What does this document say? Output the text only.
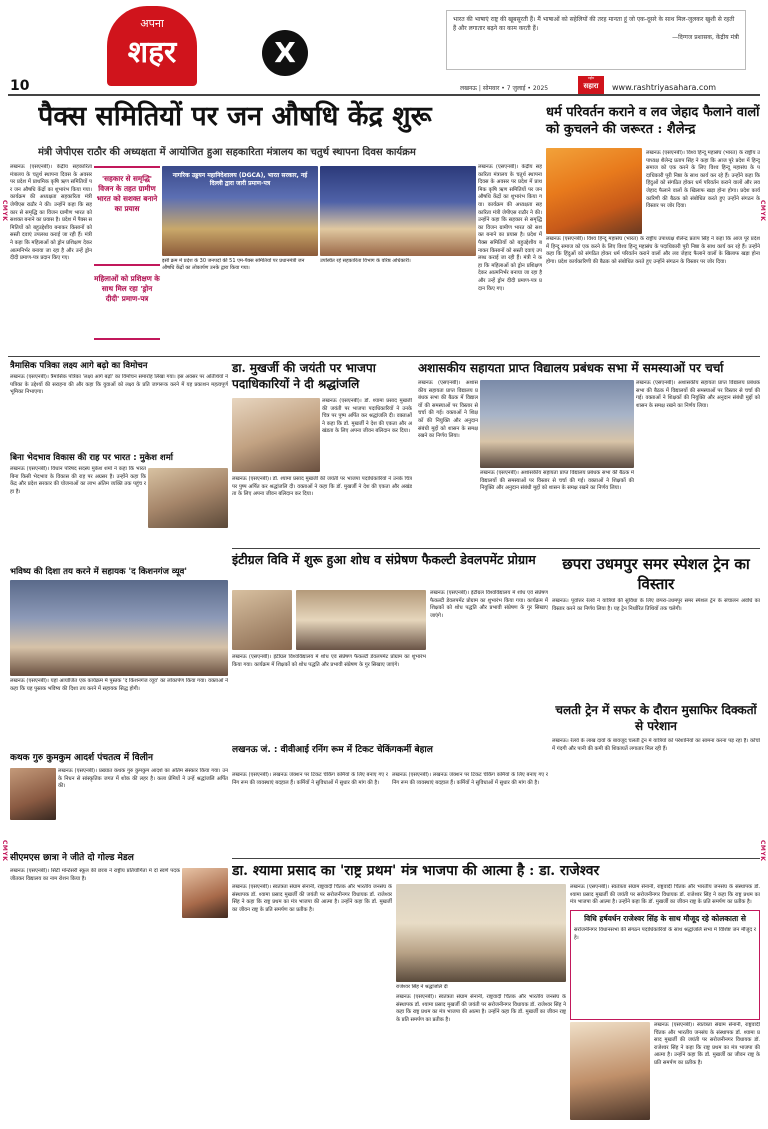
अपना
शहर	X
10
भारत की भाषाएं राष्ट्र की खूबसूरती हैं। मैं भाषाओं को सहेलियों की तरह मानता हूं जो एक-दूसरे के साथ मिल-जुलकर खुशी से रहती हैं और लगातार बढ़ने का काम करती हैं।
—दिग्गज प्रशासक, केंद्रीय मंत्री
लखनऊ | सोमवार • 7 जुलाई • 2025
राष्ट्रीय
सहारा	www.rashtriyasahara.com
पैक्स समितियों पर जन औषधि केंद्र शुरू
मंत्री जेपीएस राठौर की अध्यक्षता में आयोजित हुआ सहकारिता मंत्रालय का चतुर्थ स्थापना दिवस कार्यक्रम
लखनऊ (एसएनबी)। केंद्रीय सहकारिता मंत्रालय के चतुर्थ स्थापना दिवस के अवसर पर प्रदेश में प्राथमिक कृषि ऋण समितियों पर जन औषधि केंद्रों का शुभारंभ किया गया। कार्यक्रम की अध्यक्षता सहकारिता मंत्री जेपीएस राठौर ने की। उन्होंने कहा कि सहकार से समृद्धि का विजन ग्रामीण भारत को सशक्त बनाने का प्रयास है। प्रदेश में पैक्स समितियों को बहुउद्देशीय बनाकर किसानों को सस्ती दवाएं उपलब्ध कराई जा रही हैं। मंत्री ने कहा कि महिलाओं को ड्रोन प्रशिक्षण देकर आत्मनिर्भर बनाया जा रहा है और उन्हें ड्रोन दीदी प्रमाण-पत्र प्रदान किए गए।
'सहकार से समृद्धि' विजन के तहत ग्रामीण भारत को सशक्त बनाने का प्रयास
महिलाओं को प्रशिक्षण के साथ मिल रहा 'ड्रोन दीदी' प्रमाण-पत्र
नागरिक उड्डयन महानिदेशालय (DGCA), भारत सरकार, नई दिल्ली द्वारा जारी प्रमाण-पत्र
इसी क्रम में प्रदेश के 30 जनपदों की 51 एम-पैक्स समितियों पर प्रधानमंत्री जन औषधि केंद्रों का लोकार्पण उनके द्वारा किया गया।
उपस्थित रहे सहकारिता विभाग के वरिष्ठ अधिकारी।
लखनऊ (एसएनबी)। केंद्रीय सहकारिता मंत्रालय के चतुर्थ स्थापना दिवस के अवसर पर प्रदेश में प्राथमिक कृषि ऋण समितियों पर जन औषधि केंद्रों का शुभारंभ किया गया। कार्यक्रम की अध्यक्षता सहकारिता मंत्री जेपीएस राठौर ने की। उन्होंने कहा कि सहकार से समृद्धि का विजन ग्रामीण भारत को सशक्त बनाने का प्रयास है। प्रदेश में पैक्स समितियों को बहुउद्देशीय बनाकर किसानों को सस्ती दवाएं उपलब्ध कराई जा रही हैं। मंत्री ने कहा कि महिलाओं को ड्रोन प्रशिक्षण देकर आत्मनिर्भर बनाया जा रहा है और उन्हें ड्रोन दीदी प्रमाण-पत्र प्रदान किए गए।
धर्म परिवर्तन कराने व लव जेहाद फैलाने वालों को कुचलने की जरूरत : शैलेन्द्र
लखनऊ (एसएनबी)। विश्व हिन्दू महासंघ (भारत) के राष्ट्रीय उपाध्यक्ष शैलेन्द्र प्रताप सिंह ने कहा कि आज पूरे प्रदेश में हिन्दू समाज को एक करने के लिए विश्व हिन्दू महासंघ के पदाधिकारी पूरी निष्ठा के साथ कार्य कर रहे हैं। उन्होंने कहा कि हिंदुओं को संगठित होकर धर्म परिवर्तन कराने वालों और लव जेहाद फैलाने वालों के खिलाफ खड़ा होना होगा। प्रदेश कार्यकारिणी की बैठक को संबोधित करते हुए उन्होंने संगठन के विस्तार पर जोर दिया।
लखनऊ (एसएनबी)। विश्व हिन्दू महासंघ (भारत) के राष्ट्रीय उपाध्यक्ष शैलेन्द्र प्रताप सिंह ने कहा कि आज पूरे प्रदेश में हिन्दू समाज को एक करने के लिए विश्व हिन्दू महासंघ के पदाधिकारी पूरी निष्ठा के साथ कार्य कर रहे हैं। उन्होंने कहा कि हिंदुओं को संगठित होकर धर्म परिवर्तन कराने वालों और लव जेहाद फैलाने वालों के खिलाफ खड़ा होना होगा। प्रदेश कार्यकारिणी की बैठक को संबोधित करते हुए उन्होंने संगठन के विस्तार पर जोर दिया।
त्रैमासिक पत्रिका लक्ष्य आगे बढ़ो का विमोचन
लखनऊ (एसएनबी)। त्रैमासिक पत्रिका 'लक्ष्य आगे बढ़ो' का विमोचन समारोह लिखा गया। इस अवसर पर अतिथियों ने पत्रिका के उद्देश्यों की सराहना की और कहा कि युवाओं को लक्ष्य के प्रति जागरूक करने में यह प्रकाशन महत्वपूर्ण भूमिका निभाएगा।
बिना भेदभाव विकास की राह पर भारत : मुकेश शर्मा
लखनऊ (एसएनबी)। विधान परिषद सदस्य मुकेश शर्मा ने कहा कि भारत बिना किसी भेदभाव के विकास की राह पर अग्रसर है। उन्होंने कहा कि केंद्र और प्रदेश सरकार की योजनाओं का लाभ अंतिम व्यक्ति तक पहुंच रहा है।
भविष्य की दिशा तय करने में सहायक 'द किशनगंज व्यूव'
लखनऊ (एसएनबी)। यहां आयोजित एक कार्यक्रम में पुस्तक 'द किशनगंज व्यूव' का लोकार्पण किया गया। वक्ताओं ने कहा कि यह पुस्तक भविष्य की दिशा तय करने में सहायक सिद्ध होगी।
कथक गुरु कुमकुम आदर्श पंचतत्व में विलीन
लखनऊ (एसएनबी)। प्रख्यात कथक गुरु कुमकुम आदर्श का अंतिम संस्कार किया गया। उनके निधन से सांस्कृतिक जगत में शोक की लहर है। कला प्रेमियों ने उन्हें श्रद्धांजलि अर्पित की।
सीएमएस छात्रा ने जीते दो गोल्ड मेडल
लखनऊ (एसएनबी)। सिटी मोन्टेसरी स्कूल की छात्रा ने राष्ट्रीय प्रतियोगिता में दो स्वर्ण पदक जीतकर विद्यालय का नाम रोशन किया है।
डा. मुखर्जी की जयंती पर भाजपा पदाधिकारियों ने दी श्रद्धांजलि
लखनऊ (एसएनबी)। डॉ. श्यामा प्रसाद मुखर्जी की जयंती पर भाजपा पदाधिकारियों ने उनके चित्र पर पुष्प अर्पित कर श्रद्धांजलि दी। वक्ताओं ने कहा कि डॉ. मुखर्जी ने देश की एकता और अखंडता के लिए अपना जीवन बलिदान कर दिया।
लखनऊ (एसएनबी)। डॉ. श्यामा प्रसाद मुखर्जी की जयंती पर भाजपा पदाधिकारियों ने उनके चित्र पर पुष्प अर्पित कर श्रद्धांजलि दी। वक्ताओं ने कहा कि डॉ. मुखर्जी ने देश की एकता और अखंडता के लिए अपना जीवन बलिदान कर दिया।
अशासकीय सहायता प्राप्त विद्यालय प्रबंधक सभा में समस्याओं पर चर्चा
लखनऊ (एसएनबी)। अशासकीय सहायता प्राप्त विद्यालय प्रबंधक सभा की बैठक में विद्यालयों की समस्याओं पर विस्तार से चर्चा की गई। वक्ताओं ने शिक्षकों की नियुक्ति और अनुदान संबंधी मुद्दों को शासन के समक्ष रखने का निर्णय लिया।
लखनऊ (एसएनबी)। अशासकीय सहायता प्राप्त विद्यालय प्रबंधक सभा की बैठक में विद्यालयों की समस्याओं पर विस्तार से चर्चा की गई। वक्ताओं ने शिक्षकों की नियुक्ति और अनुदान संबंधी मुद्दों को शासन के समक्ष रखने का निर्णय लिया।
लखनऊ (एसएनबी)। अशासकीय सहायता प्राप्त विद्यालय प्रबंधक सभा की बैठक में विद्यालयों की समस्याओं पर विस्तार से चर्चा की गई। वक्ताओं ने शिक्षकों की नियुक्ति और अनुदान संबंधी मुद्दों को शासन के समक्ष रखने का निर्णय लिया।
इंटीग्रल विवि में शुरू हुआ शोध व संप्रेषण फैकल्टी डेवलपमेंट प्रोग्राम
लखनऊ (एसएनबी)। इंटीग्रल विश्वविद्यालय में शोध एवं संप्रेषण फैकल्टी डेवलपमेंट प्रोग्राम का शुभारंभ किया गया। कार्यक्रम में शिक्षकों को शोध पद्धति और प्रभावी संप्रेषण के गुर सिखाए जाएंगे।
लखनऊ (एसएनबी)। इंटीग्रल विश्वविद्यालय में शोध एवं संप्रेषण फैकल्टी डेवलपमेंट प्रोग्राम का शुभारंभ किया गया। कार्यक्रम में शिक्षकों को शोध पद्धति और प्रभावी संप्रेषण के गुर सिखाए जाएंगे।
छपरा उधमपुर समर स्पेशल ट्रेन का विस्तार
लखनऊ। पूर्वोत्तर रेलवे ने यात्रियों की सुविधा के लिए छपरा-उधमपुर समर स्पेशल ट्रेन के संचालन अवधि का विस्तार करने का निर्णय लिया है। यह ट्रेन निर्धारित तिथियों तक चलेगी।
चलती ट्रेन में सफर के दौरान मुसाफिर दिक्कतों से परेशान
लखनऊ। रेलवे के लाख दावों के बावजूद चलती ट्रेन में यात्रियों को परेशानियों का सामना करना पड़ रहा है। कोचों में गंदगी और पानी की कमी की शिकायतें लगातार मिल रही हैं।
लखनऊ जं. : वीवीआई रनिंग रूम में टिकट चेकिंगकर्मी बेहाल
लखनऊ (एसएनबी)। लखनऊ जंक्शन पर टिकट चेकिंग कर्मियों के लिए बनाए गए रनिंग रूम की व्यवस्थाएं बदहाल हैं। कर्मियों ने सुविधाओं में सुधार की मांग की है।
लखनऊ (एसएनबी)। लखनऊ जंक्शन पर टिकट चेकिंग कर्मियों के लिए बनाए गए रनिंग रूम की व्यवस्थाएं बदहाल हैं। कर्मियों ने सुविधाओं में सुधार की मांग की है।
डा. श्यामा प्रसाद का 'राष्ट्र प्रथम' मंत्र भाजपा की आत्मा है : डा. राजेश्वर
लखनऊ (एसएनबी)। स्वतंत्रता संग्राम सेनानी, राष्ट्रवादी चिंतक और भारतीय जनसंघ के संस्थापक डॉ. श्यामा प्रसाद मुखर्जी की जयंती पर सरोजनीनगर विधायक डॉ. राजेश्वर सिंह ने कहा कि राष्ट्र प्रथम का मंत्र भाजपा की आत्मा है। उन्होंने कहा कि डॉ. मुखर्जी का जीवन राष्ट्र के प्रति समर्पण का प्रतीक है।
राजेश्वर सिंह ने श्रद्धांजलि दी
लखनऊ (एसएनबी)। स्वतंत्रता संग्राम सेनानी, राष्ट्रवादी चिंतक और भारतीय जनसंघ के संस्थापक डॉ. श्यामा प्रसाद मुखर्जी की जयंती पर सरोजनीनगर विधायक डॉ. राजेश्वर सिंह ने कहा कि राष्ट्र प्रथम का मंत्र भाजपा की आत्मा है। उन्होंने कहा कि डॉ. मुखर्जी का जीवन राष्ट्र के प्रति समर्पण का प्रतीक है।
लखनऊ (एसएनबी)। स्वतंत्रता संग्राम सेनानी, राष्ट्रवादी चिंतक और भारतीय जनसंघ के संस्थापक डॉ. श्यामा प्रसाद मुखर्जी की जयंती पर सरोजनीनगर विधायक डॉ. राजेश्वर सिंह ने कहा कि राष्ट्र प्रथम का मंत्र भाजपा की आत्मा है। उन्होंने कहा कि डॉ. मुखर्जी का जीवन राष्ट्र के प्रति समर्पण का प्रतीक है।
विधि हर्षवर्धन राजेश्वर सिंह के साथ मौजूद रहे कोलकाता से
सरोजनीनगर विधानसभा की संगठन पदाधिकारियों के साथ श्रद्धांजलि सभा में विशिष्ट जन मौजूद रहे।
लखनऊ (एसएनबी)। स्वतंत्रता संग्राम सेनानी, राष्ट्रवादी चिंतक और भारतीय जनसंघ के संस्थापक डॉ. श्यामा प्रसाद मुखर्जी की जयंती पर सरोजनीनगर विधायक डॉ. राजेश्वर सिंह ने कहा कि राष्ट्र प्रथम का मंत्र भाजपा की आत्मा है। उन्होंने कहा कि डॉ. मुखर्जी का जीवन राष्ट्र के प्रति समर्पण का प्रतीक है।
CMYK	CMYK
CMYK	CMYK
